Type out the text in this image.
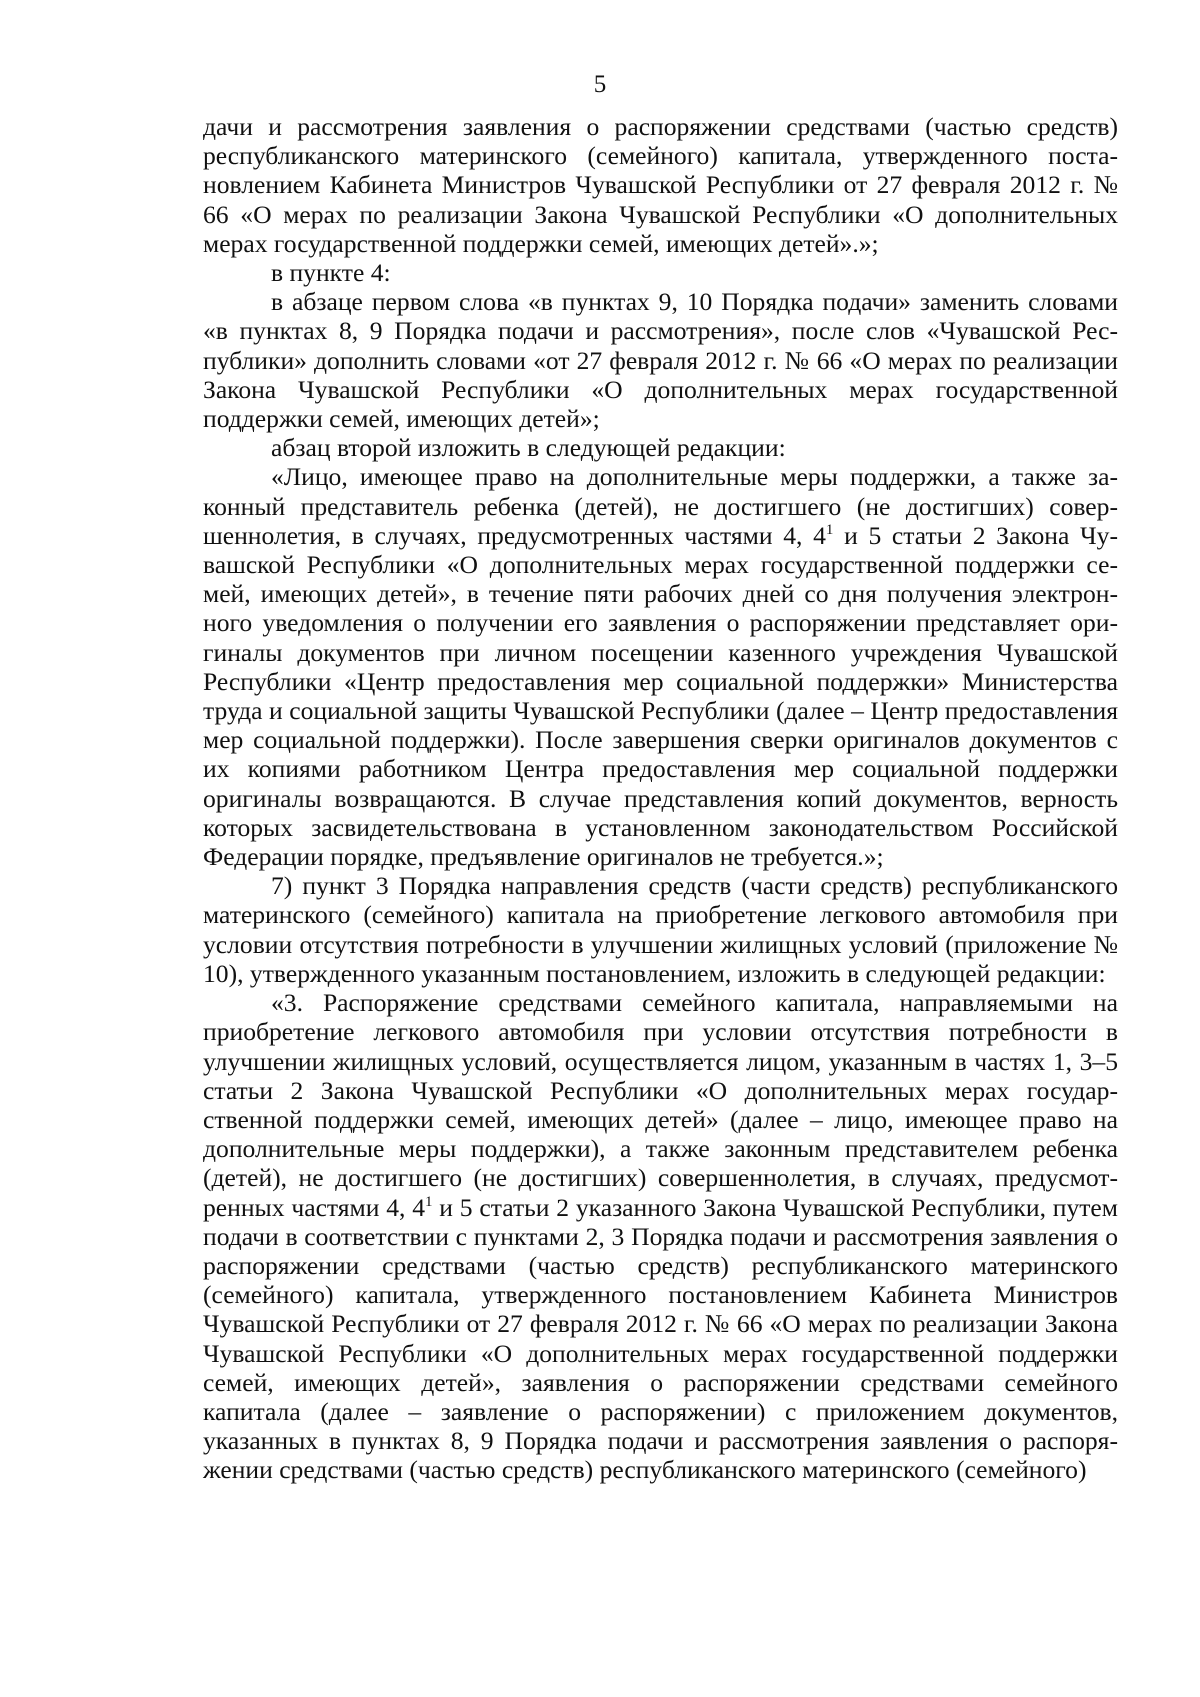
5

дачи и рассмотрения заявления о распоряжении средствами (частью средств) республиканского материнского (семейного) капитала, утвержденного постановлением Кабинета Министров Чувашской Республики от 27 февраля 2012 г. № 66 «О мерах по реализации Закона Чувашской Республики «О дополнительных мерах государственной поддержки семей, имеющих детей».»;

в пункте 4:

в абзаце первом слова «в пунктах 9, 10 Порядка подачи» заменить словами «в пунктах 8, 9 Порядка подачи и рассмотрения», после слов «Чувашской Республики» дополнить словами «от 27 февраля 2012 г. № 66 «О мерах по реализации Закона Чувашской Республики «О дополнительных мерах государственной поддержки семей, имеющих детей»;

абзац второй изложить в следующей редакции:

«Лицо, имеющее право на дополнительные меры поддержки, а также законный представитель ребенка (детей), не достигшего (не достигших) совершеннолетия, в случаях, предусмотренных частями 4, $4^1$ и 5 статьи 2 Закона Чувашской Республики «О дополнительных мерах государственной поддержки семей, имеющих детей», в течение пяти рабочих дней со дня получения электронного уведомления о получении его заявления о распоряжении представляет оригиналы документов при личном посещении казенного учреждения Чувашской Республики «Центр предоставления мер социальной поддержки» Министерства труда и социальной защиты Чувашской Республики (далее – Центр предоставления мер социальной поддержки). После завершения сверки оригиналов документов с их копиями работником Центра предоставления мер социальной поддержки оригиналы возвращаются. В случае представления копий документов, верность которых засвидетельствована в установленном законодательством Российской Федерации порядке, предъявление оригиналов не требуется.»;

7) пункт 3 Порядка направления средств (части средств) республиканского материнского (семейного) капитала на приобретение легкового автомобиля при условии отсутствия потребности в улучшении жилищных условий (приложение № 10), утвержденного указанным постановлением, изложить в следующей редакции:

«3. Распоряжение средствами семейного капитала, направляемыми на приобретение легкового автомобиля при условии отсутствия потребности в улучшении жилищных условий, осуществляется лицом, указанным в частях 1, 3–5 статьи 2 Закона Чувашской Республики «О дополнительных мерах государственной поддержки семей, имеющих детей» (далее – лицо, имеющее право на дополнительные меры поддержки), а также законным представителем ребенка (детей), не достигшего (не достигших) совершеннолетия, в случаях, предусмотренных частями 4, $4^1$ и 5 статьи 2 указанного Закона Чувашской Республики, путем подачи в соответствии с пунктами 2, 3 Порядка подачи и рассмотрения заявления о распоряжении средствами (частью средств) республиканского материнского (семейного) капитала, утвержденного постановлением Кабинета Министров Чувашской Республики от 27 февраля 2012 г. № 66 «О мерах по реализации Закона Чувашской Республики «О дополнительных мерах государственной поддержки семей, имеющих детей», заявления о распоряжении средствами семейного капитала (далее – заявление о распоряжении) с приложением документов, указанных в пунктах 8, 9 Порядка подачи и рассмотрения заявления о распоряжении средствами (частью средств) республиканского материнского (семейного)
